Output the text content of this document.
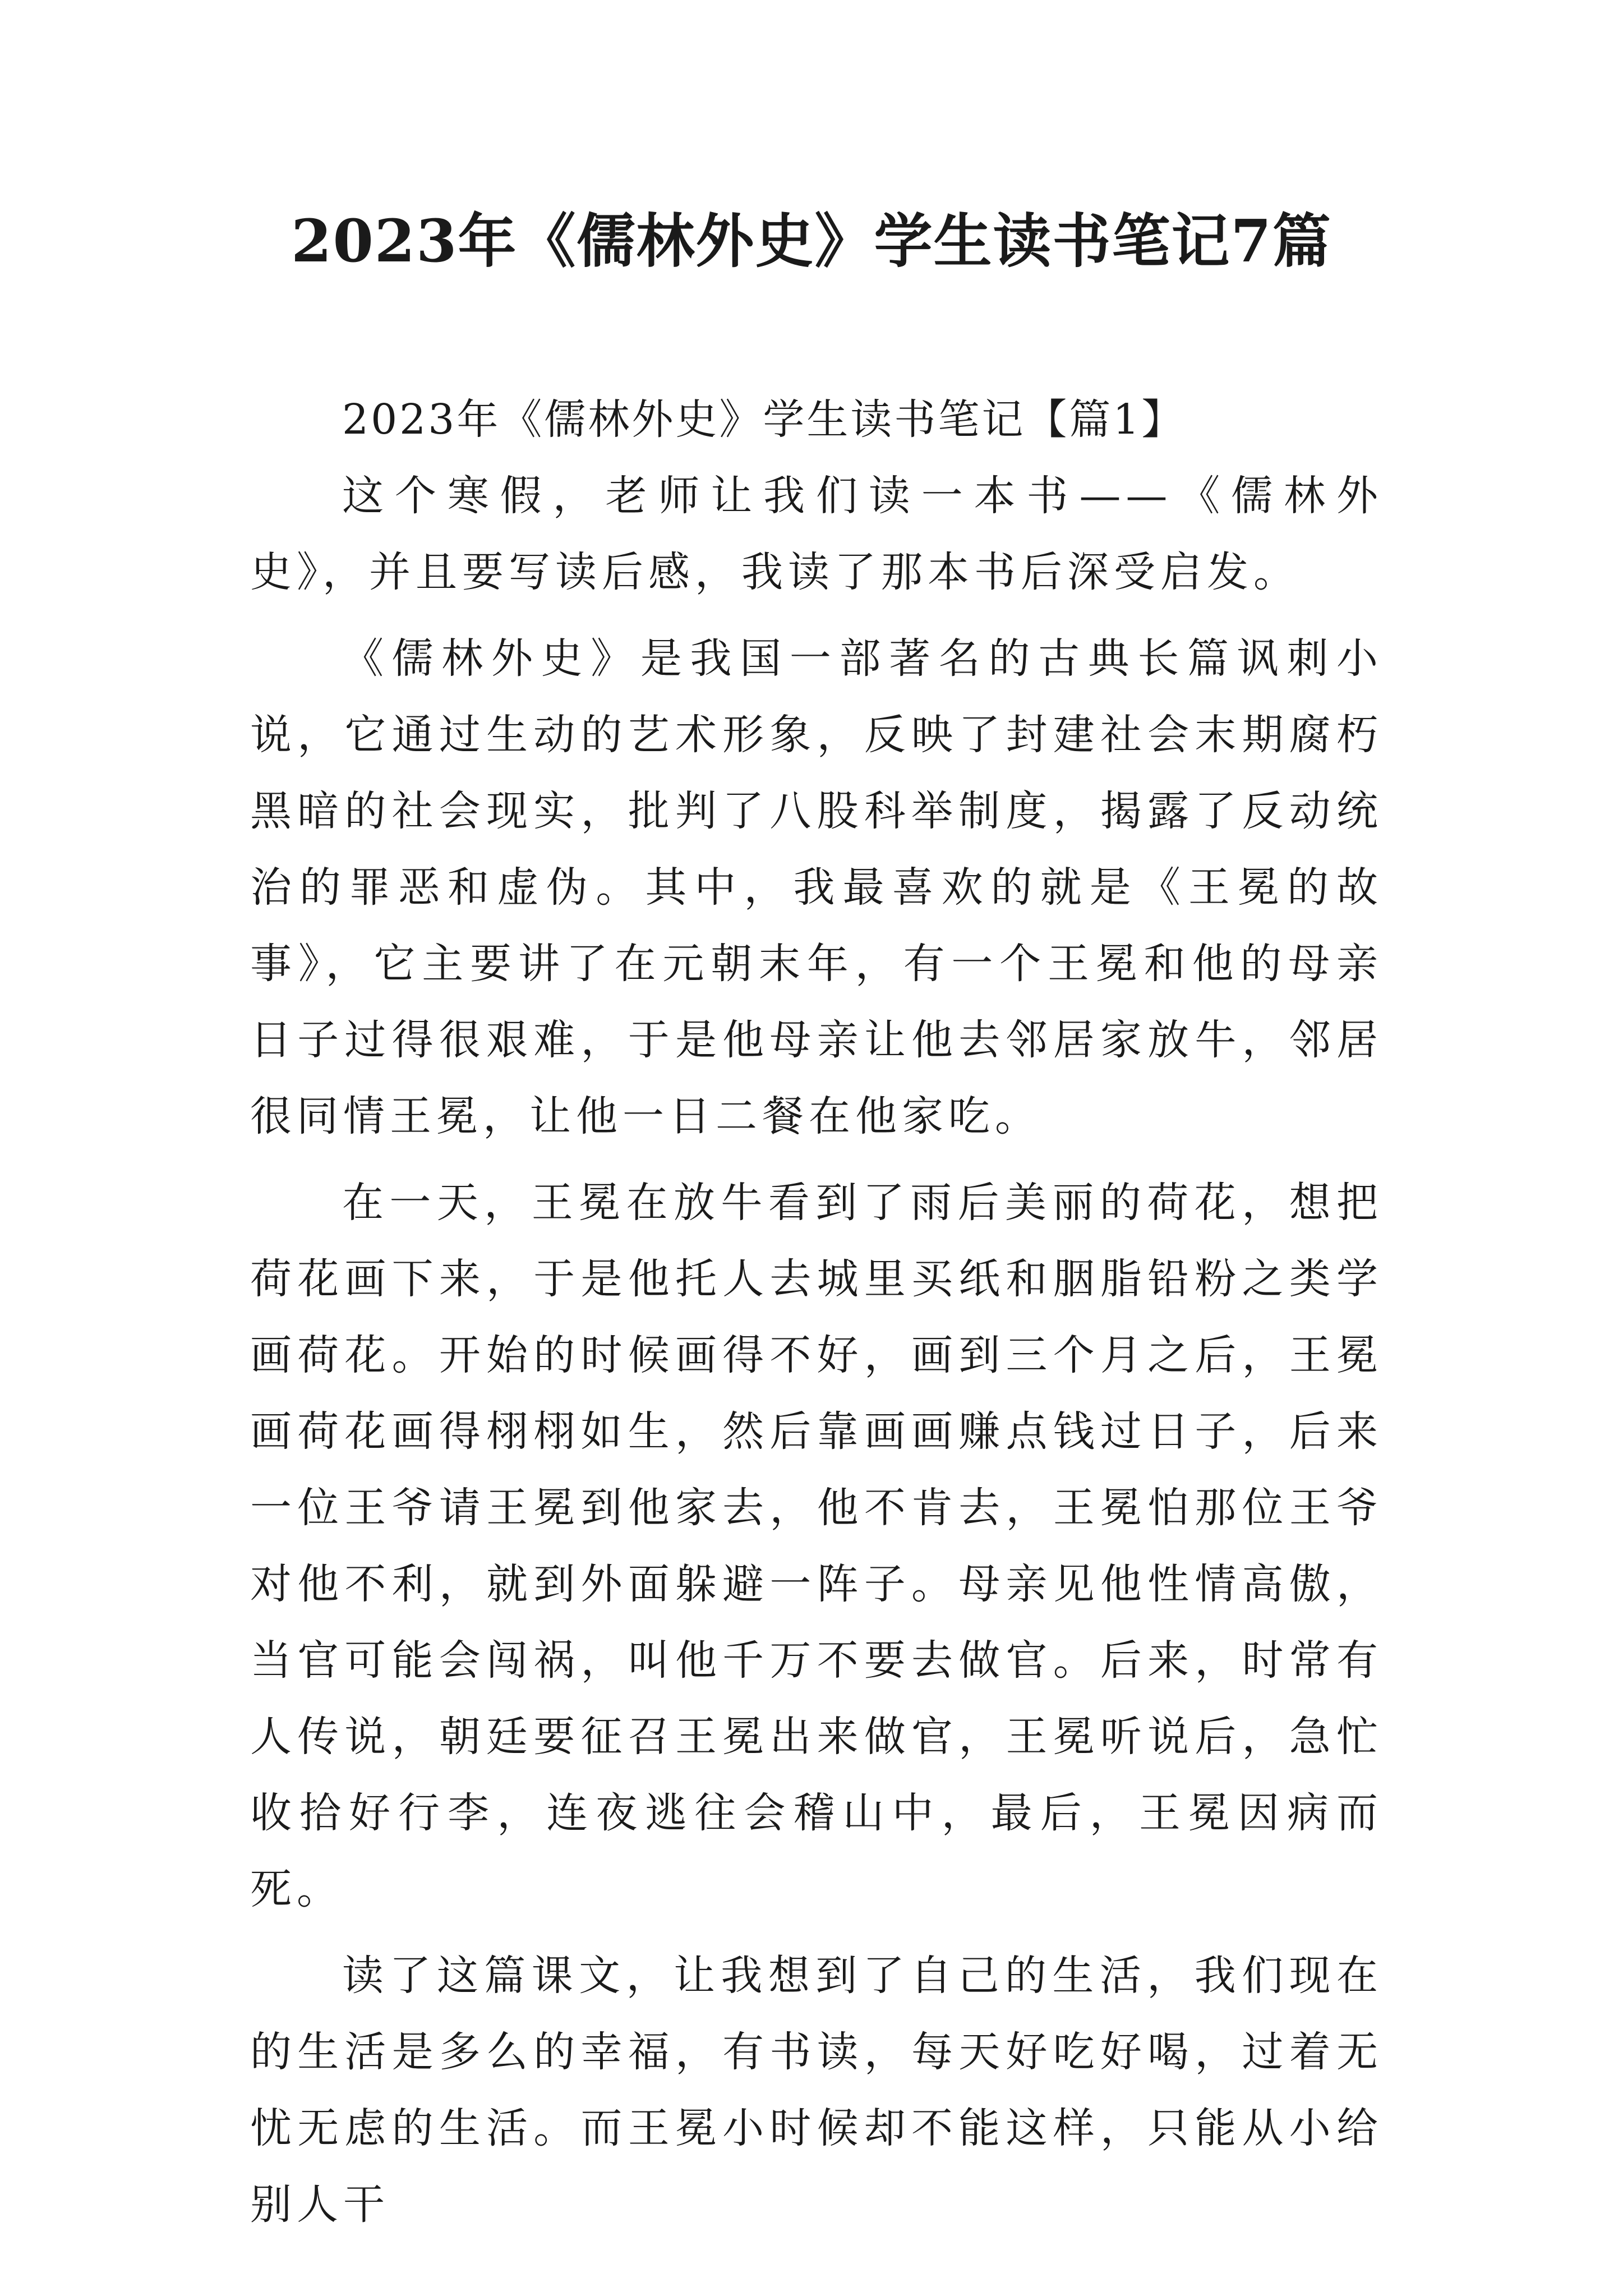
2023年《儒林外史》学生读书笔记7篇

2023年《儒林外史》学生读书笔记【篇1】

这个寒假，老师让我们读一本书——《儒林外史》，并且要写读后感，我读了那本书后深受启发。

《儒林外史》是我国一部著名的古典长篇讽刺小说，它通过生动的艺术形象，反映了封建社会末期腐朽黑暗的社会现实，批判了八股科举制度，揭露了反动统治的罪恶和虚伪。其中，我最喜欢的就是《王冕的故事》，它主要讲了在元朝末年，有一个王冕和他的母亲日子过得很艰难，于是他母亲让他去邻居家放牛，邻居很同情王冕，让他一日二餐在他家吃。

在一天，王冕在放牛看到了雨后美丽的荷花，想把荷花画下来，于是他托人去城里买纸和胭脂铅粉之类学画荷花。开始的时候画得不好，画到三个月之后，王冕画荷花画得栩栩如生，然后靠画画赚点钱过日子，后来一位王爷请王冕到他家去，他不肯去，王冕怕那位王爷对他不利，就到外面躲避一阵子。母亲见他性情高傲，当官可能会闯祸，叫他千万不要去做官。后来，时常有人传说，朝廷要征召王冕出来做官，王冕听说后，急忙收拾好行李，连夜逃往会稽山中，最后，王冕因病而死。

读了这篇课文，让我想到了自己的生活，我们现在的生活是多么的幸福，有书读，每天好吃好喝，过着无忧无虑的生活。而王冕小时候却不能这样，只能从小给别人干
